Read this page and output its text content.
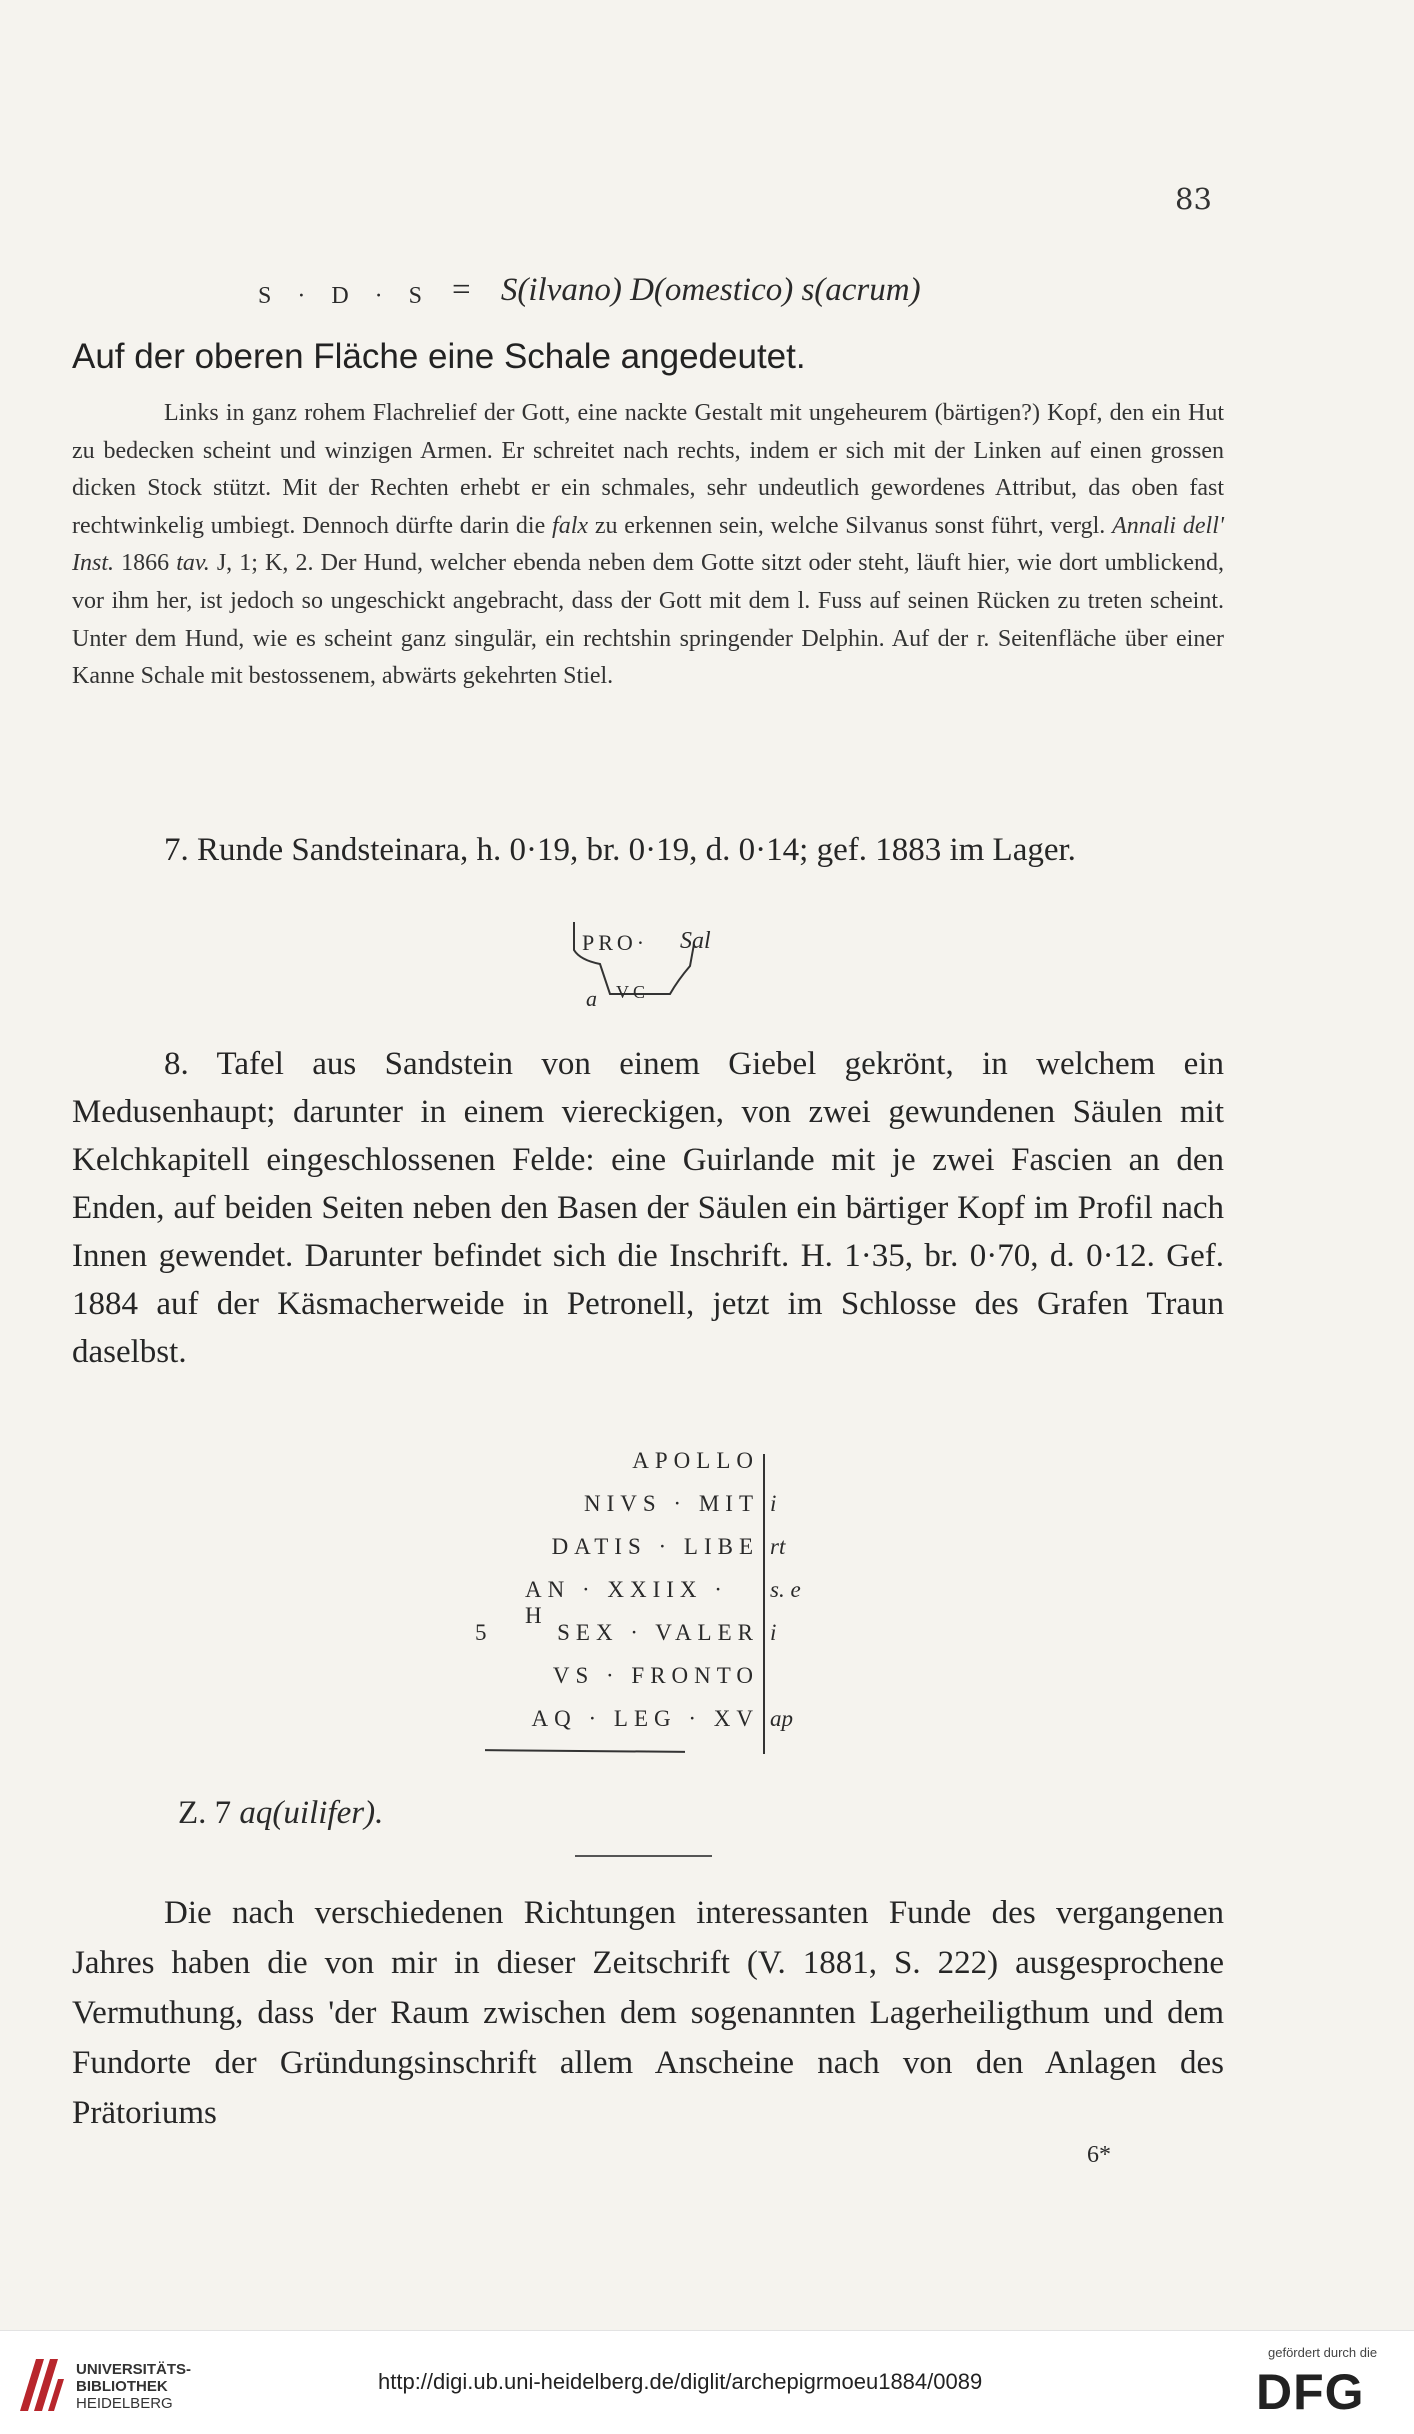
83
S · D · S = S(ilvano) D(omestico) s(acrum)
Auf der oberen Fläche eine Schale angedeutet.
Links in ganz rohem Flachrelief der Gott, eine nackte Gestalt mit ungeheurem (bärtigen?) Kopf, den ein Hut zu bedecken scheint und winzigen Armen. Er schreitet nach rechts, indem er sich mit der Linken auf einen grossen dicken Stock stützt. Mit der Rechten erhebt er ein schmales, sehr undeutlich gewordenes Attribut, das oben fast rechtwinkelig umbiegt. Dennoch dürfte darin die falx zu erkennen sein, welche Silvanus sonst führt, vergl. Annali dell' Inst. 1866 tav. J, 1; K, 2. Der Hund, welcher ebenda neben dem Gotte sitzt oder steht, läuft hier, wie dort umblickend, vor ihm her, ist jedoch so ungeschickt angebracht, dass der Gott mit dem l. Fuss auf seinen Rücken zu treten scheint. Unter dem Hund, wie es scheint ganz singulär, ein rechtshin springender Delphin. Auf der r. Seitenfläche über einer Kanne Schale mit bestossenem, abwärts gekehrten Stiel.
7. Runde Sandsteinara, h. 0·19, br. 0·19, d. 0·14; gef. 1883 im Lager.
PRO· Sal
a VC
8. Tafel aus Sandstein von einem Giebel gekrönt, in welchem ein Medusenhaupt; darunter in einem viereckigen, von zwei gewundenen Säulen mit Kelchkapitell eingeschlossenen Felde: eine Guirlande mit je zwei Fascien an den Enden, auf beiden Seiten neben den Basen der Säulen ein bärtiger Kopf im Profil nach Innen gewendet. Darunter befindet sich die Inschrift. H. 1·35, br. 0·70, d. 0·12. Gef. 1884 auf der Käsmacherweide in Petronell, jetzt im Schlosse des Grafen Traun daselbst.
APOLLO
NIVS · MIT i
DATIS · LIBE rt
AN · XXIIX · H
s. e
5	SEX · VALER i
VS · FRONTO
AQ · LEG · XV ap
Z. 7 aq(uilifer).
Die nach verschiedenen Richtungen interessanten Funde des vergangenen Jahres haben die von mir in dieser Zeitschrift (V. 1881, S. 222) ausgesprochene Vermuthung, dass 'der Raum zwischen dem sogenannten Lagerheiligthum und dem Fundorte der Gründungsinschrift allem Anscheine nach von den Anlagen des Prätoriums
6*
UNIVERSITÄTS-
BIBLIOTHEK
HEIDELBERG
http://digi.ub.uni-heidelberg.de/diglit/archepigrmoeu1884/0089
gefördert durch die
DFG
